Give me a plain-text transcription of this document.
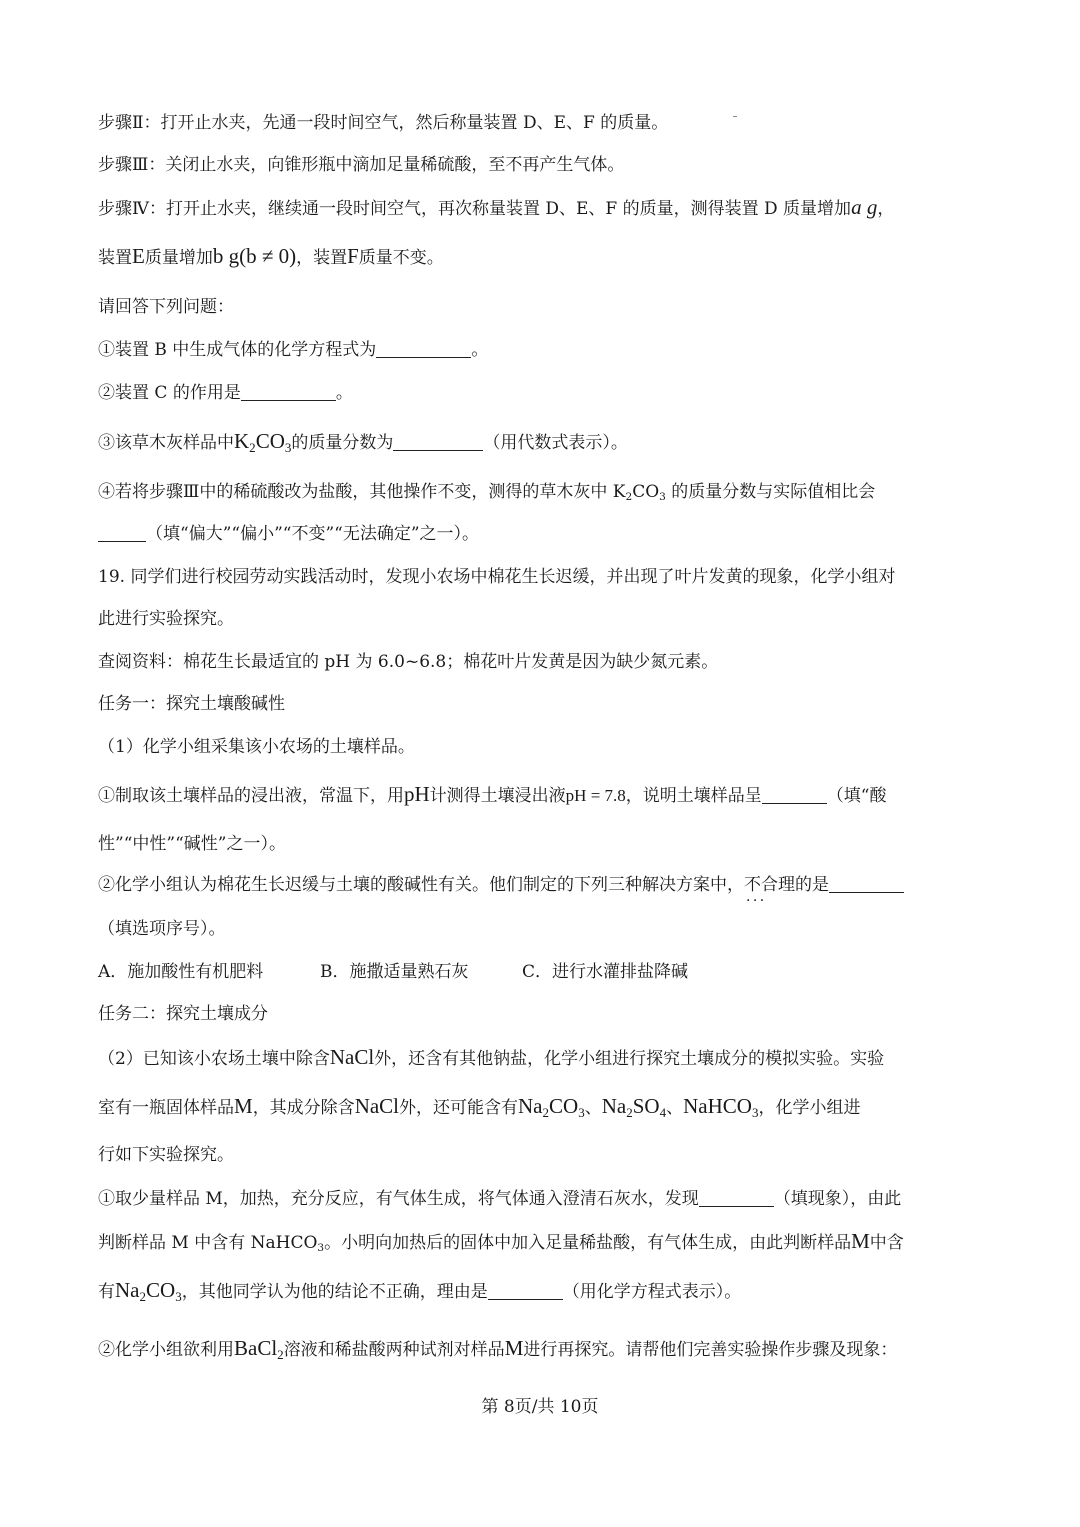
步骤Ⅱ：打开止水夹，先通一段时间空气，然后称量装置 D、E、F 的质量。
步骤Ⅲ：关闭止水夹，向锥形瓶中滴加足量稀硫酸，至不再产生气体。
步骤Ⅳ：打开止水夹，继续通一段时间空气，再次称量装置 D、E、F 的质量，测得装置 D 质量增加a g，
装置E质量增加b g(b ≠ 0)，装置F质量不变。
请回答下列问题：
①装置 B 中生成气体的化学方程式为	。
②装置 C 的作用是	。
③该草木灰样品中$K_2CO_3$的质量分数为	（用代数式表示）。
④若将步骤Ⅲ中的稀硫酸改为盐酸，其他操作不变，测得的草木灰中 $K_2CO_3$ 的质量分数与实际值相比会
（填“偏大”“偏小”“不变”“无法确定”之一）。
19. 同学们进行校园劳动实践活动时，发现小农场中棉花生长迟缓，并出现了叶片发黄的现象，化学小组对
此进行实验探究。
查阅资料：棉花生长最适宜的 pH 为 6.0~6.8；棉花叶片发黄是因为缺少氮元素。
任务一：探究土壤酸碱性
（1）化学小组采集该小农场的土壤样品。
①制取该土壤样品的浸出液，常温下，用pH计测得土壤浸出液pH = 7.8，说明土壤样品呈	（填“酸
性”“中性”“碱性”之一）。
②化学小组认为棉花生长迟缓与土壤的酸碱性有关。他们制定的下列三种解决方案中，不合理 · · ·的是
（填选项序号）。
A．施加酸性有机肥料	B．施撒适量熟石灰	C．进行水灌排盐降碱
任务二：探究土壤成分
（2）已知该小农场土壤中除含NaCl外，还含有其他钠盐，化学小组进行探究土壤成分的模拟实验。实验
室有一瓶固体样品M，其成分除含NaCl外，还可能含有$Na_2CO_3$、$Na_2SO_4$、NaHCO$_3$，化学小组进
行如下实验探究。
①取少量样品 M，加热，充分反应，有气体生成，将气体通入澄清石灰水，发现	（填现象），由此
判断样品 M 中含有 NaHCO$_3$。小明向加热后的固体中加入足量稀盐酸，有气体生成，由此判断样品M中含
有$Na_2CO_3$，其他同学认为他的结论不正确，理由是	（用化学方程式表示）。
②化学小组欲利用BaCl$_2$溶液和稀盐酸两种试剂对样品M进行再探究。请帮他们完善实验操作步骤及现象：
第 8页/共 10页
